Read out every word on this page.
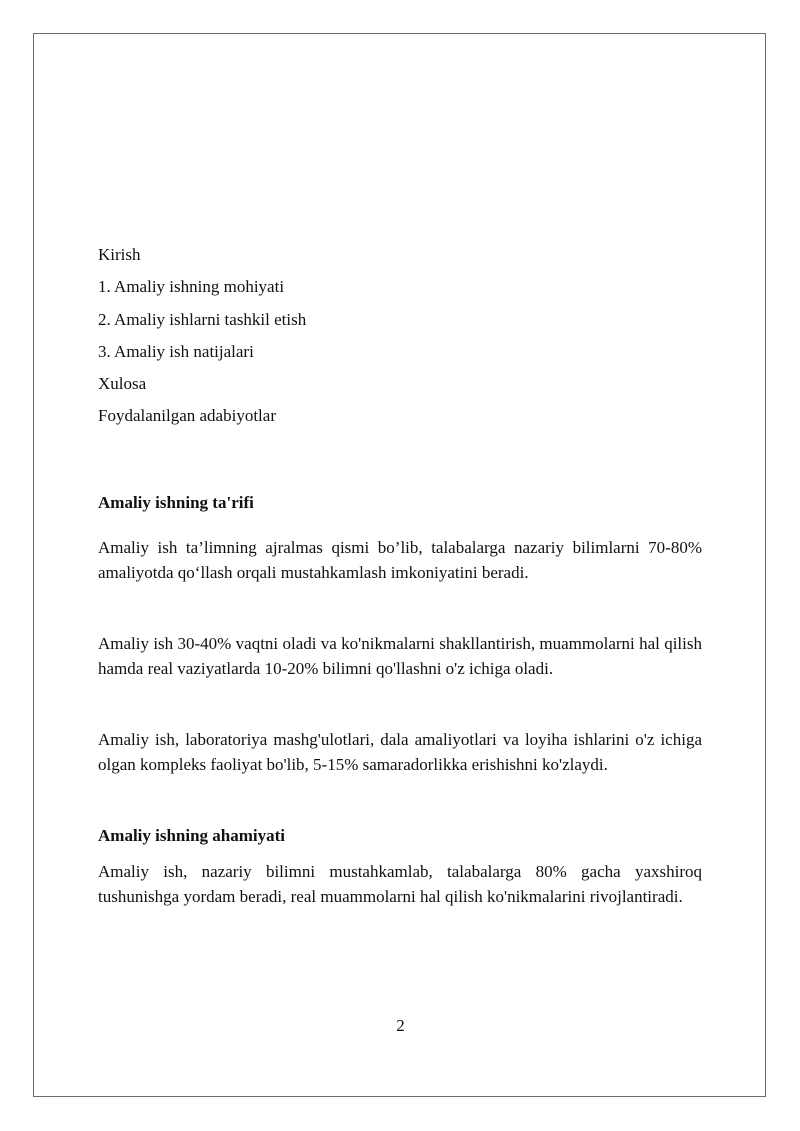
Kirish

1. Amaliy ishning mohiyati

2. Amaliy ishlarni tashkil etish

3. Amaliy ish natijalari

Xulosa

Foydalanilgan adabiyotlar

Amaliy ishning ta'rifi

Amaliy ish ta’limning ajralmas qismi bo’lib, talabalarga nazariy bilimlarni 70-80% amaliyotda qo‘llash orqali mustahkamlash imkoniyatini beradi.

Amaliy ish 30-40% vaqtni oladi va ko'nikmalarni shakllantirish, muammolarni hal qilish hamda real vaziyatlarda 10-20% bilimni qo'llashni o'z ichiga oladi.

Amaliy ish, laboratoriya mashg'ulotlari, dala amaliyotlari va loyiha ishlarini o'z ichiga olgan kompleks faoliyat bo'lib, 5-15% samaradorlikka erishishni ko'zlaydi.

Amaliy ishning ahamiyati

Amaliy ish, nazariy bilimni mustahkamlab, talabalarga 80% gacha yaxshiroq tushunishga yordam beradi, real muammolarni hal qilish ko'nikmalarini rivojlantiradi.

2
